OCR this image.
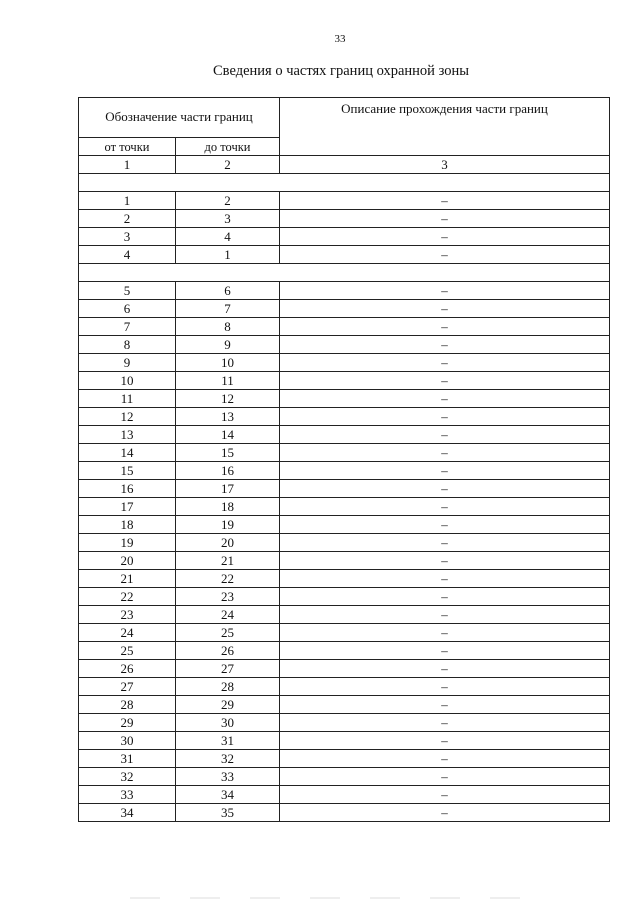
33
Сведения о частях границ охранной зоны
Обозначение части границ		Описание прохождения части границ

от точки	до точки	
1	2	3

1	2	–
2	3	–
3	4	–
4	1	–

5	6	–
6	7	–
7	8	–
8	9	–
9	10	–
10	11	–
11	12	–
12	13	–
13	14	–
14	15	–
15	16	–
16	17	–
17	18	–
18	19	–
19	20	–
20	21	–
21	22	–
22	23	–
23	24	–
24	25	–
25	26	–
26	27	–
27	28	–
28	29	–
29	30	–
30	31	–
31	32	–
32	33	–
33	34	–
34	35	–
